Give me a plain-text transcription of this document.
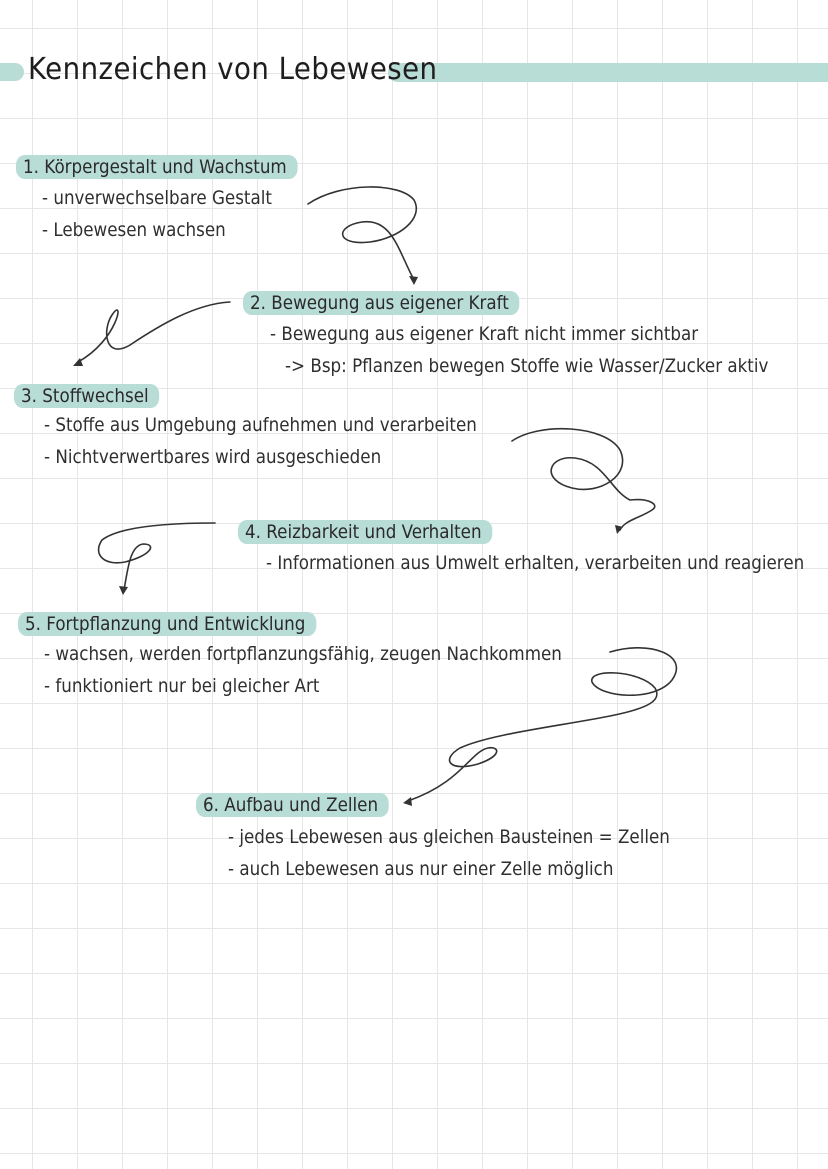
Kennzeichen von Lebewesen
1. Körpergestalt und Wachstum
- unverwechselbare Gestalt
- Lebewesen wachsen
2. Bewegung aus eigener Kraft
- Bewegung aus eigener Kraft nicht immer sichtbar
-> Bsp: Pflanzen bewegen Stoffe wie Wasser/Zucker aktiv
3. Stoffwechsel
- Stoffe aus Umgebung aufnehmen und verarbeiten
- Nichtverwertbares wird ausgeschieden
4. Reizbarkeit und Verhalten
- Informationen aus Umwelt erhalten, verarbeiten und reagieren
5. Fortpflanzung und Entwicklung
- wachsen, werden fortpflanzungsfähig, zeugen Nachkommen
- funktioniert nur bei gleicher Art
6. Aufbau und Zellen
- jedes Lebewesen aus gleichen Bausteinen = Zellen
- auch Lebewesen aus nur einer Zelle möglich
